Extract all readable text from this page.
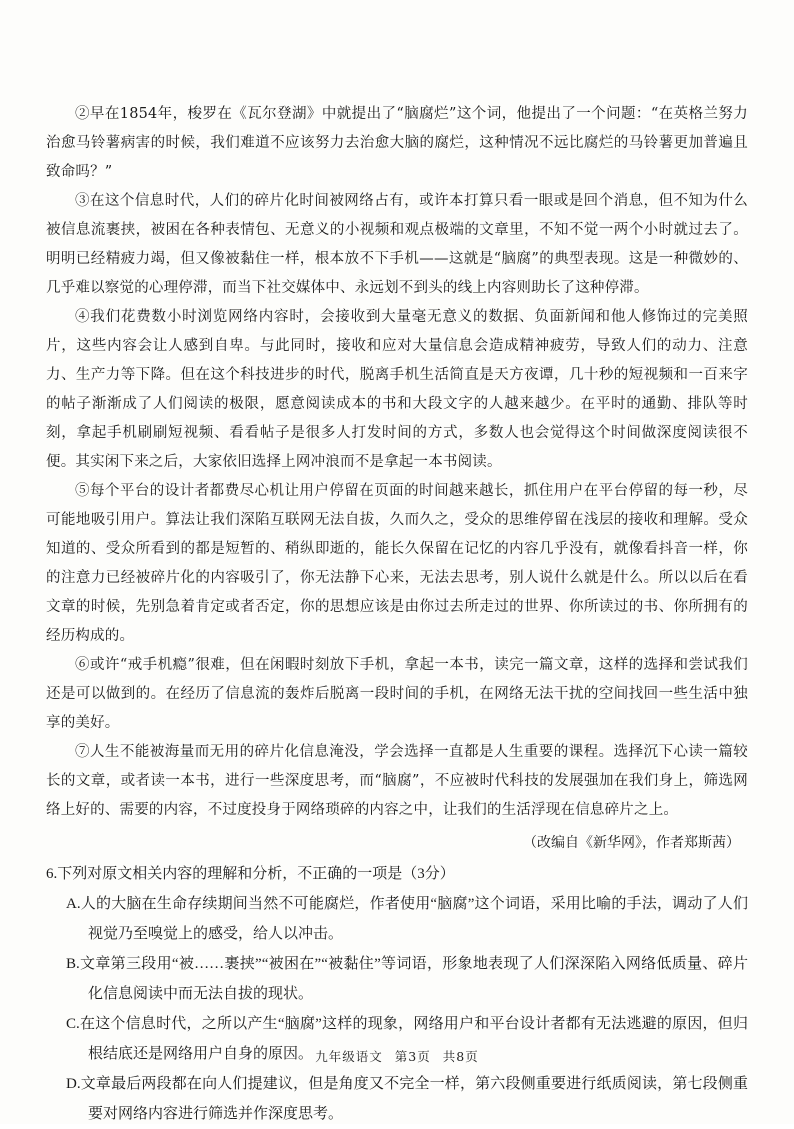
②早在1854年，梭罗在《瓦尔登湖》中就提出了“脑腐烂”这个词，他提出了一个问题：“在英格兰努力治愈马铃薯病害的时候，我们难道不应该努力去治愈大脑的腐烂，这种情况不远比腐烂的马铃薯更加普遍且致命吗？”

③在这个信息时代，人们的碎片化时间被网络占有，或许本打算只看一眼或是回个消息，但不知为什么被信息流裹挟，被困在各种表情包、无意义的小视频和观点极端的文章里，不知不觉一两个小时就过去了。明明已经精疲力竭，但又像被黏住一样，根本放不下手机——这就是“脑腐”的典型表现。这是一种微妙的、几乎难以察觉的心理停滞，而当下社交媒体中、永远划不到头的线上内容则助长了这种停滞。

④我们花费数小时浏览网络内容时，会接收到大量毫无意义的数据、负面新闻和他人修饰过的完美照片，这些内容会让人感到自卑。与此同时，接收和应对大量信息会造成精神疲劳，导致人们的动力、注意力、生产力等下降。但在这个科技进步的时代，脱离手机生活简直是天方夜谭，几十秒的短视频和一百来字的帖子渐渐成了人们阅读的极限，愿意阅读成本的书和大段文字的人越来越少。在平时的通勤、排队等时刻，拿起手机刷刷短视频、看看帖子是很多人打发时间的方式，多数人也会觉得这个时间做深度阅读很不便。其实闲下来之后，大家依旧选择上网冲浪而不是拿起一本书阅读。

⑤每个平台的设计者都费尽心机让用户停留在页面的时间越来越长，抓住用户在平台停留的每一秒，尽可能地吸引用户。算法让我们深陷互联网无法自拔，久而久之，受众的思维停留在浅层的接收和理解。受众知道的、受众所看到的都是短暂的、稍纵即逝的，能长久保留在记忆的内容几乎没有，就像看抖音一样，你的注意力已经被碎片化的内容吸引了，你无法静下心来，无法去思考，别人说什么就是什么。所以以后在看文章的时候，先别急着肯定或者否定，你的思想应该是由你过去所走过的世界、你所读过的书、你所拥有的经历构成的。

⑥或许“戒手机瘾”很难，但在闲暇时刻放下手机，拿起一本书，读完一篇文章，这样的选择和尝试我们还是可以做到的。在经历了信息流的轰炸后脱离一段时间的手机，在网络无法干扰的空间找回一些生活中独享的美好。

⑦人生不能被海量而无用的碎片化信息淹没，学会选择一直都是人生重要的课程。选择沉下心读一篇较长的文章，或者读一本书，进行一些深度思考，而“脑腐”，不应被时代科技的发展强加在我们身上，筛选网络上好的、需要的内容，不过度投身于网络琐碎的内容之中，让我们的生活浮现在信息碎片之上。

（改编自《新华网》，作者郑斯茜）

6.下列对原文相关内容的理解和分析，不正确的一项是（3分）

A.人的大脑在生命存续期间当然不可能腐烂，作者使用“脑腐”这个词语，采用比喻的手法，调动了人们视觉乃至嗅觉上的感受，给人以冲击。

B.文章第三段用“被……裹挟”“被困在”“被黏住”等词语，形象地表现了人们深深陷入网络低质量、碎片化信息阅读中而无法自拔的现状。

C.在这个信息时代，之所以产生“脑腐”这样的现象，网络用户和平台设计者都有无法逃避的原因，但归根结底还是网络用户自身的原因。

D.文章最后两段都在向人们提建议，但是角度又不完全一样，第六段侧重要进行纸质阅读，第七段侧重要对网络内容进行筛选并作深度思考。

九年级语文 第3页 共8页
